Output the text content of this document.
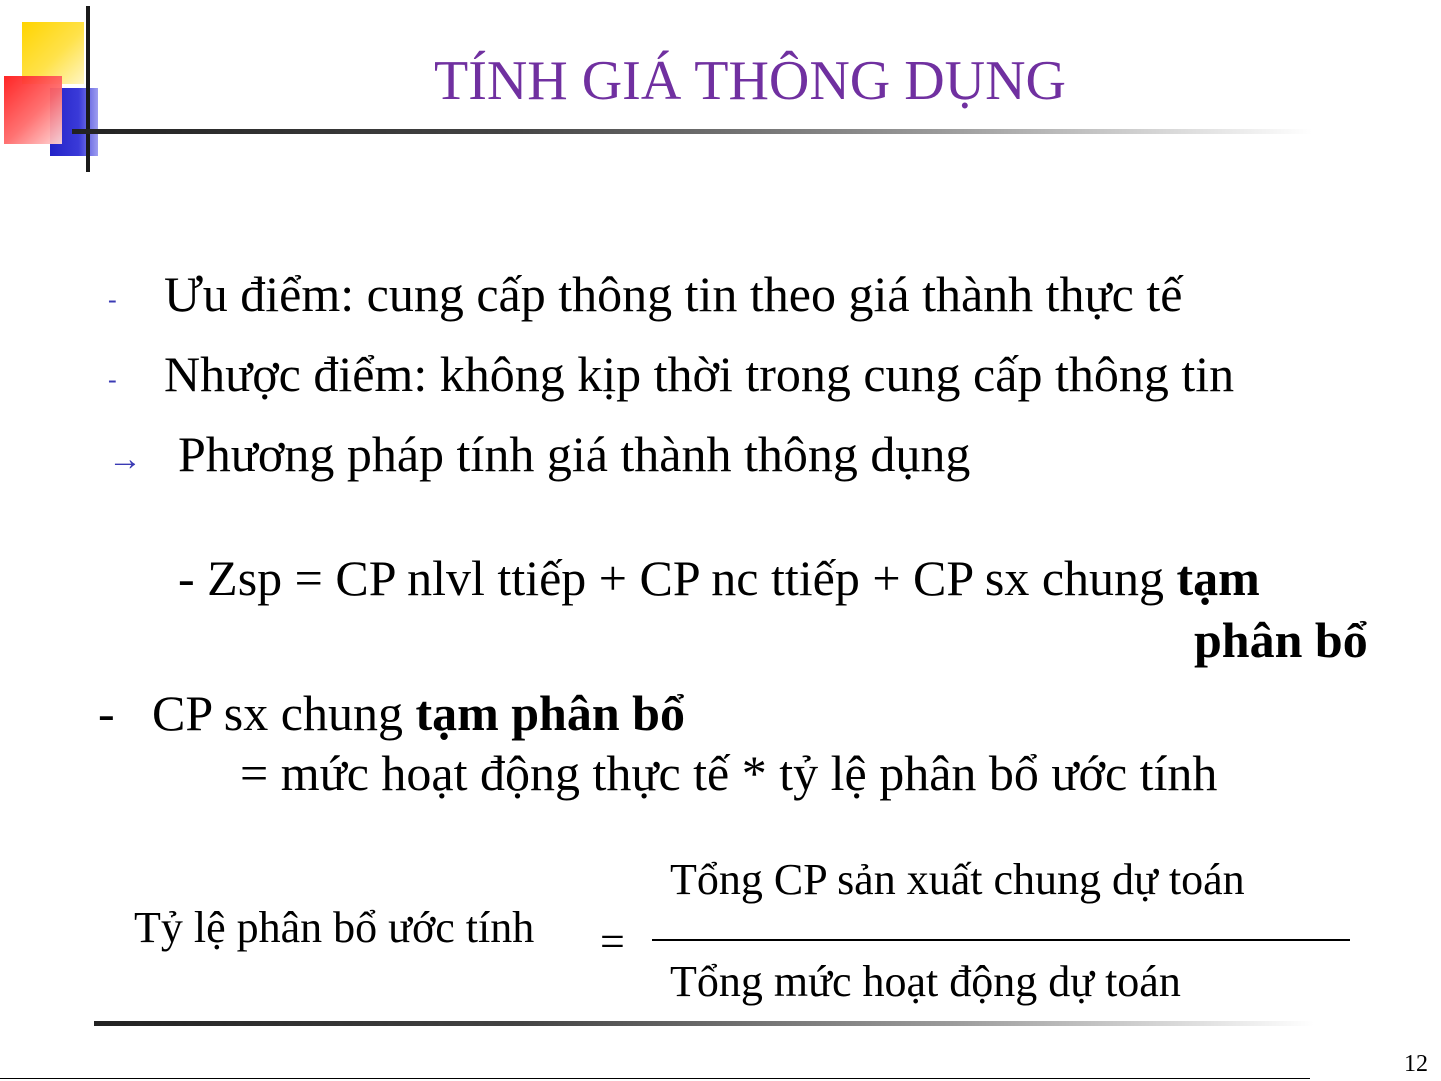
TÍNH GIÁ THÔNG DỤNG
- Ưu điểm: cung cấp thông tin theo giá thành thực tế
- Nhược điểm: không kịp thời trong cung cấp thông tin
→ Phương pháp tính giá thành thông dụng
- Zsp = CP nlvl ttiếp + CP nc ttiếp + CP sx chung tạm
phân bổ
- CP sx chung tạm phân bổ
= mức hoạt động thực tế * tỷ lệ phân bổ ước tính
Tỷ lệ phân bổ ước tính =
Tổng CP sản xuất chung dự toán
Tổng mức hoạt động dự toán
12
